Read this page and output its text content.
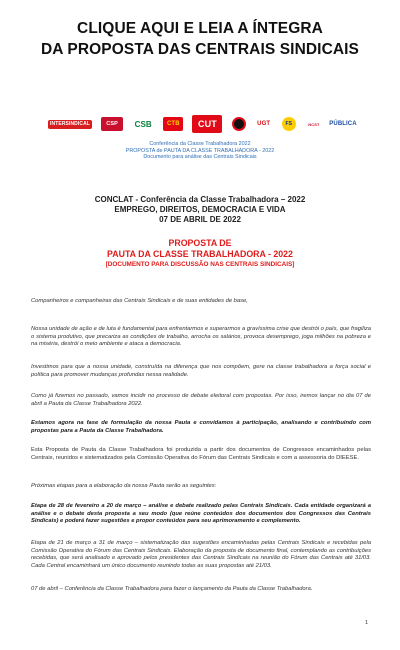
CLIQUE AQUI E LEIA A ÍNTEGRA
DA PROPOSTA DAS CENTRAIS SINDICAIS
INTERSINDICAL	CSP	CSB	CTB	CUT	UGT	FS	NCST	PÚBLICA
Conferência da Classe Trabalhadora 2022
PROPOSTA de PAUTA DA CLASSE TRABALHADORA - 2022
Documento para análise das Centrais Sindicais
CONCLAT - Conferência da Classe Trabalhadora – 2022
EMPREGO, DIREITOS, DEMOCRACIA E VIDA
07 DE ABRIL DE 2022
PROPOSTA DE
PAUTA DA CLASSE TRABALHADORA - 2022
[DOCUMENTO PARA DISCUSSÃO NAS CENTRAIS SINDICAIS]

Companheiros e companheiras das Centrais Sindicais e de suas entidades de base,

Nossa unidade de ação e de luta é fundamental para enfrentarmos e superarmos a gravíssima crise que destrói o país, que fragiliza o sistema produtivo, que precariza as condições de trabalho, arrocha os salários, provoca desemprego, joga milhões na pobreza e na miséria, destrói o meio ambiente e ataca a democracia.

Investimos para que a nossa unidade, construída na diferença que nos compõem, gere na classe trabalhadora a força social e política para promover mudanças profundas nessa realidade.

Como já fizemos no passado, vamos incidir no processo de debate eleitoral com propostas. Por isso, iremos lançar no dia 07 de abril a Pauta da Classe Trabalhadora 2022.

Estamos agora na fase de formulação da nossa Pauta e convidamos à participação, analisando e contribuindo com propostas para a Pauta da Classe Trabalhadora.

Esta Proposta de Pauta da Classe Trabalhadora foi produzida a partir dos documentos de Congressos encaminhados pelas Centrais, reunidos e sistematizados pela Comissão Operativa do Fórum das Centrais Sindicais e com a assessoria do DIEESE.

Próximas etapas para a elaboração da nossa Pauta serão as seguintes:

Etapa de 28 de fevereiro a 20 de março – análise e debate realizado pelas Centrais Sindicais. Cada entidade organizará a análise e o debate desta proposta a seu modo (que reúne conteúdos dos documentos dos Congressos das Centrais Sindicais) e poderá fazer sugestões e propor conteúdos para seu aprimoramento e complemento.

Etapa de 21 de março a 31 de março – sistematização das sugestões encaminhadas pelas Centrais Sindicais e recebidas pela Comissão Operativa do Fórum das Centrais Sindicais. Elaboração da proposta de documento final, contemplando as contribuições recebidas, que será analisado e aprovado pelos presidentes das Centrais Sindicais na reunião do Fórum das Centrais até 31/03. Cada Central encaminhará um único documento reunindo todas as suas propostas até 21/03.

07 de abril – Conferência da Classe Trabalhadora para fazer o lançamento da Pauta da Classe Trabalhadora.

1
